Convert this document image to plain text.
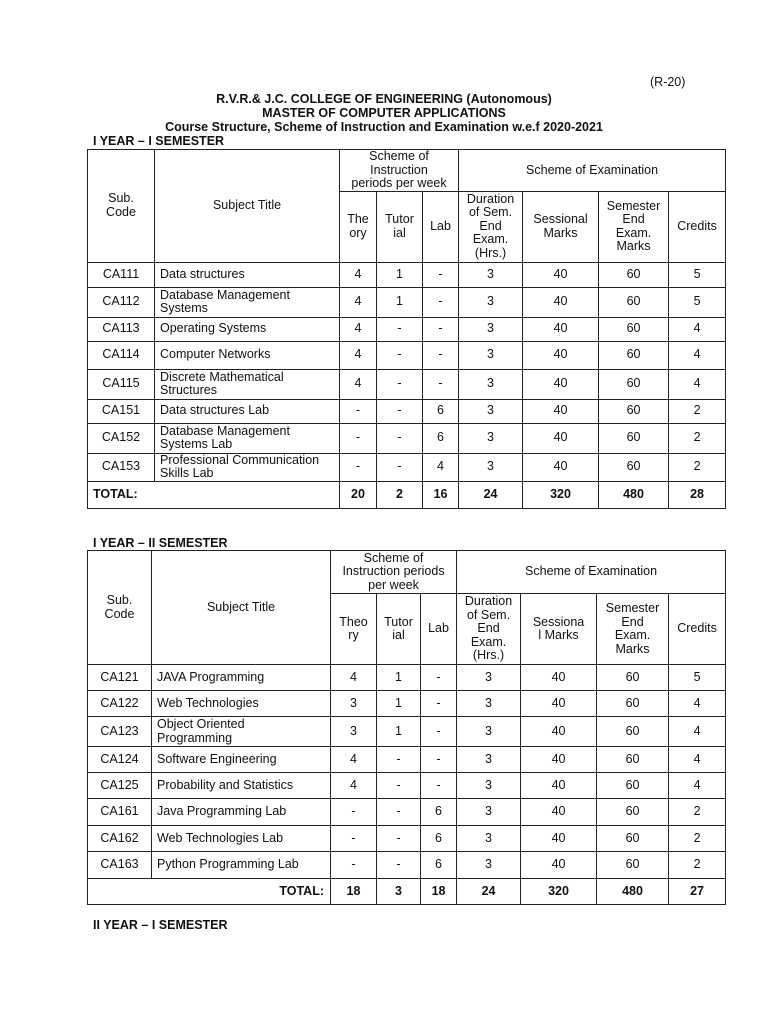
(R-20)
R.V.R.& J.C. COLLEGE OF ENGINEERING (Autonomous)
MASTER OF COMPUTER APPLICATIONS
Course Structure, Scheme of Instruction and Examination w.e.f 2020-2021
I YEAR – I SEMESTER
Sub.
Code	Subject Title	Scheme of
Instruction
periods per week			Scheme of Examination			
		The
ory	Tutor
ial	Lab	Duration
of Sem.
End
Exam.
(Hrs.)	Sessional
Marks	Semester
End
Exam.
Marks	Credits
CA111	Data structures	4	1	-	3	40	60	5
CA112	Database Management
Systems	4	1	-	3	40	60	5
CA113	Operating Systems	4	-	-	3	40	60	4
CA114	Computer Networks	4	-	-	3	40	60	4
CA115	Discrete Mathematical
Structures	4	-	-	3	40	60	4
CA151	Data structures Lab	-	-	6	3	40	60	2
CA152	Database Management
Systems Lab	-	-	6	3	40	60	2
CA153	Professional Communication
Skills Lab	-	-	4	3	40	60	2
TOTAL:		20	2	16	24	320	480	28
I YEAR – II SEMESTER
Sub.
Code	Subject Title	Scheme of
Instruction periods
per week			Scheme of Examination			
		Theo
ry	Tutor
ial	Lab	Duration
of Sem.
End
Exam.
(Hrs.)	Sessiona
l Marks	Semester
End
Exam.
Marks	Credits
CA121	JAVA Programming	4	1	-	3	40	60	5
CA122	Web Technologies	3	1	-	3	40	60	4
CA123	Object Oriented
Programming	3	1	-	3	40	60	4
CA124	Software Engineering	4	-	-	3	40	60	4
CA125	Probability and Statistics	4	-	-	3	40	60	4
CA161	Java Programming Lab	-	-	6	3	40	60	2
CA162	Web Technologies Lab	-	-	6	3	40	60	2
CA163	Python Programming Lab	-	-	6	3	40	60	2
TOTAL:		18	3	18	24	320	480	27
II YEAR – I SEMESTER
